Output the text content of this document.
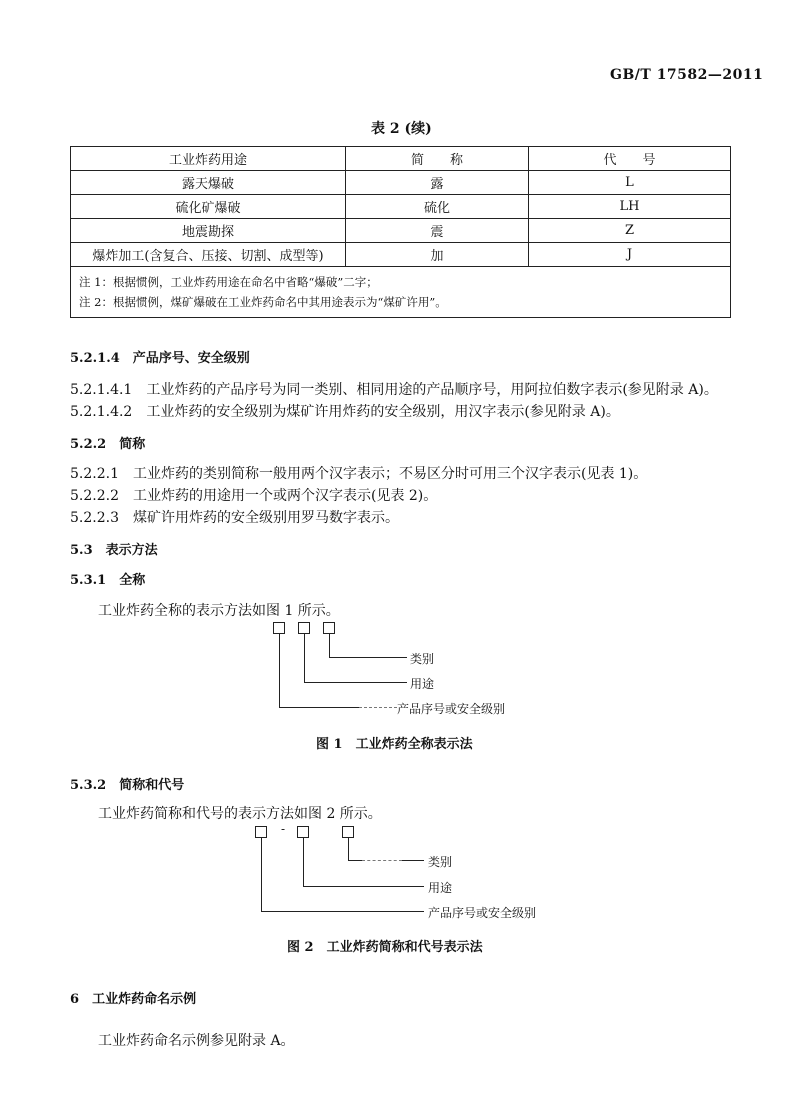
GB/T 17582—2011
表 2 (续)
工业炸药用途	简　　称	代　　号
露天爆破	露	L
硫化矿爆破	硫化	LH
地震勘探	震	Z
爆炸加工(含复合、压接、切割、成型等)	加	J

注 1：根据惯例，工业炸药用途在命名中省略“爆破”二字；
注 2：根据惯例，煤矿爆破在工业炸药命名中其用途表示为“煤矿许用”。		
5.2.1.4　 产品序号、安全级别
5.2.1.4.1　 工业炸药的产品序号为同一类别、相同用途的产品顺序号，用阿拉伯数字表示(参见附录 A)。
5.2.1.4.2　 工业炸药的安全级别为煤矿许用炸药的安全级别，用汉字表示(参见附录 A)。
5.2.2　 简称
5.2.2.1　 工业炸药的类别简称一般用两个汉字表示；不易区分时可用三个汉字表示(见表 1)。
5.2.2.2　 工业炸药的用途用一个或两个汉字表示(见表 2)。
5.2.2.3　 煤矿许用炸药的安全级别用罗马数字表示。
5.3　 表示方法
5.3.1　 全称
工业炸药全称的表示方法如图 1 所示。
类别
用途
产品序号或安全级别
图 1　工业炸药全称表示法
5.3.2　 简称和代号
工业炸药简称和代号的表示方法如图 2 所示。
-
类别
用途
产品序号或安全级别
图 2　工业炸药简称和代号表示法
6　 工业炸药命名示例
工业炸药命名示例参见附录 A。
